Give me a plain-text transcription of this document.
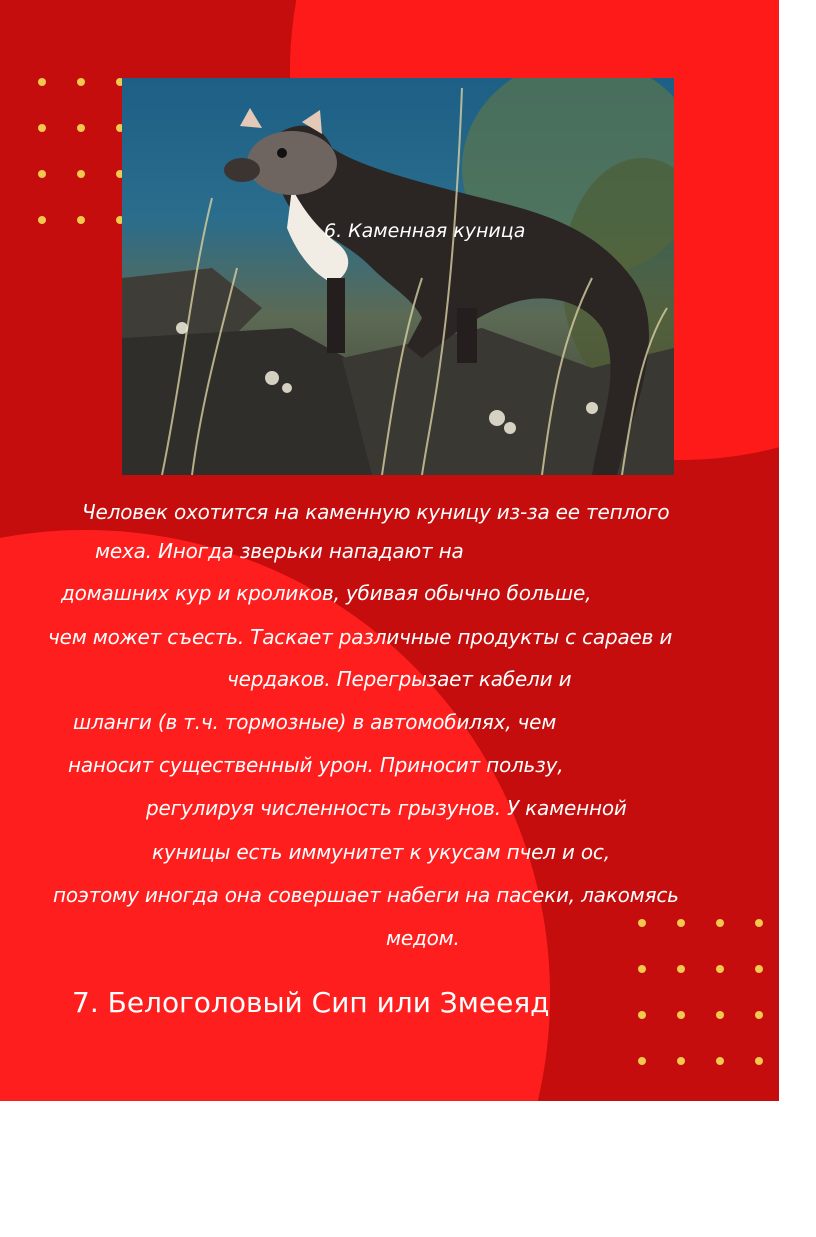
6. Каменная куница
Человек охотится на каменную куницу из-за ее теплого
меха. Иногда зверьки нападают на
домашних кур и кроликов, убивая обычно больше,
чем может съесть. Таскает различные продукты с сараев и
чердаков. Перегрызает кабели и
шланги (в т.ч. тормозные) в автомобилях, чем
наносит существенный урон. Приносит пользу,
регулируя численность грызунов. У каменной
куницы есть иммунитет к укусам пчел и ос,
поэтому иногда она совершает набеги на пасеки, лакомясь
медом.
7. Белоголовый Сип или Змееяд
